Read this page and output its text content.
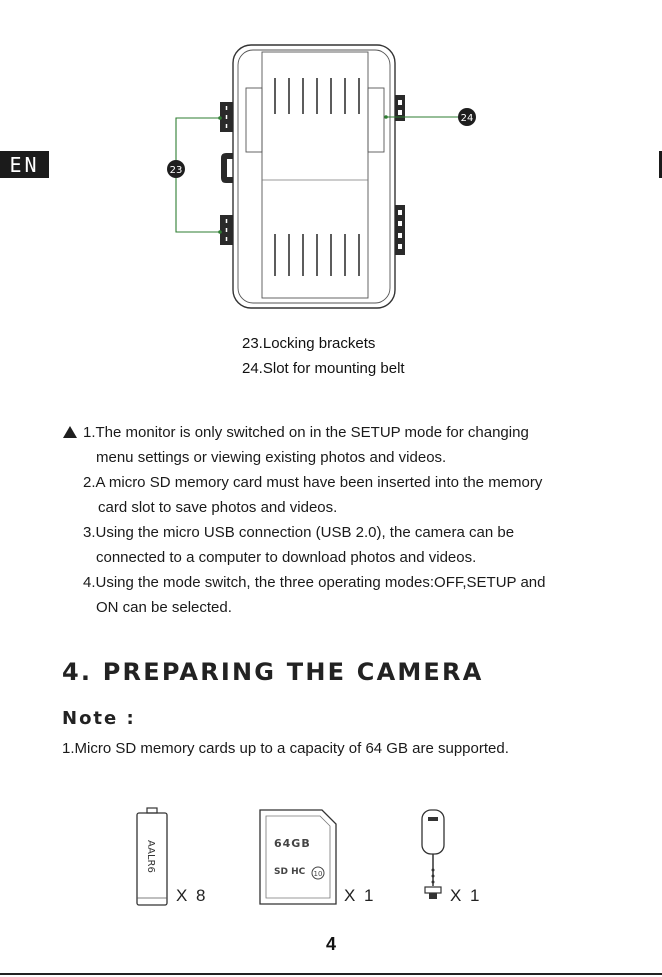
EN	23
24
23.Locking brackets
24.Slot for mounting belt
1.The monitor is only switched on in the SETUP mode for changing
menu settings or viewing existing photos and videos.
2.A micro SD memory card must have been inserted into the memory
card slot to save photos and videos.
3.Using the micro USB connection (USB 2.0), the camera can be
connected to a computer to download photos and videos.
4.Using the mode switch, the three operating modes:OFF,SETUP and
ON can be selected.
4. PREPARING THE CAMERA
Note :
1.Micro SD memory cards up to a capacity of 64 GB are supported.
AALR6	64GB
SD HC 10
X 8	X 1	X 1
4
